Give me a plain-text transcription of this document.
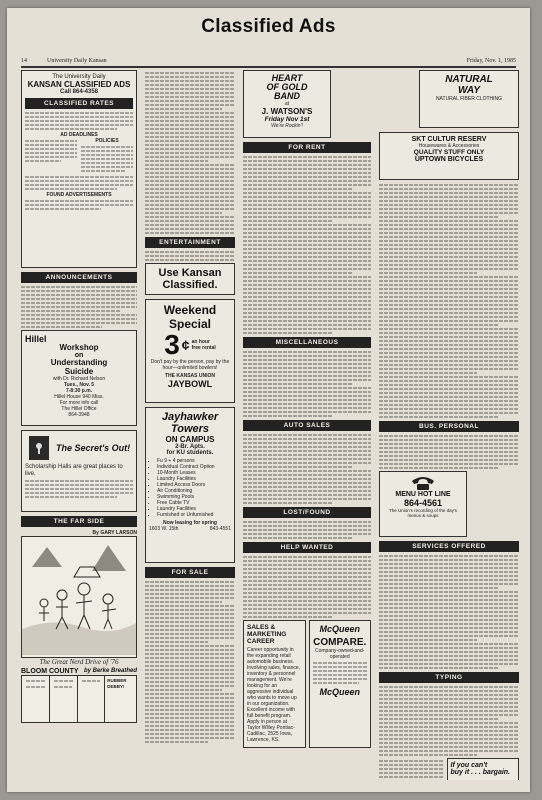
Classified Ads
14	University Daily Kansan	Friday, Nov. 1, 1985
The University Daily
KANSAN CLASSIFIED ADS
Call 864-4358
CLASSIFIED RATES
AD DEADLINES
POLICIES
FOUND ADVERTISEMENTS
ANNOUNCEMENTS
Hillel
Workshop
on
Understanding
Suicide
with Dr. Richard Nelson
Tues., Nov. 5
7-8:30 p.m.
Hillel House 940 Miss.
For more info call
The Hillel Office
864-3948
The Secret's Out!
Scholarship Halls are great places to live.
THE FAR SIDE
By GARY LARSON
The Great Nerd Drive of '76
BLOOM COUNTY by Berke Breathed
RUBBER DEBBY!
ENTERTAINMENT
Use Kansan
Classified.
Weekend
Special
3 ¢ an hour
free rental
Don't pay by the person, pay by the hour—unlimited bowlers!
THE KANSAS UNION
JAYBOWL
Jayhawker
Towers
ON CAMPUS
2-Br. Apts.
for KU students.
• Fu 9 + 4 persons
• Individual Contract Option
• 10-Month Leases
• Laundry Facilities
• Limited Access Doors
• Air Conditioning
• Swimming Pools
• Free Cable TV
• Laundry Facilities
• Furnished or Unfurnished
Now leasing for spring
1603 W. 15th	843-4551
FOR SALE
HEART
OF GOLD
BAND
at
J. WATSON'S
Friday Nov 1st
We're Rockin'!
FOR RENT
MISCELLANEOUS
AUTO SALES
LOST/FOUND
HELP WANTED
SALES & MARKETING CAREER
Career opportunity in the expanding retail automobile business. Involving sales, finance, inventory & personnel management. We're looking for an aggressive individual who wants to move up in our organization. Excellent income with full benefit program. Apply in person at Taylor Willey Pontiac-Cadillac, 2525 Iowa, Lawrence, KS.
McQueen
COMPARE.
Company-owned-and-operated
McQueen
NATURAL
WAY
NATURAL FIBER CLOTHING
SKT CULTUR RESERV
Housewares & Accessories
QUALITY STUFF ONLY
UPTOWN BICYCLES
BUS. PERSONAL
MENU HOT LINE
864-4561
The Union's recording of the day's menus & soups
SERVICES OFFERED
TYPING
If you can't
buy it . . . bargain.
